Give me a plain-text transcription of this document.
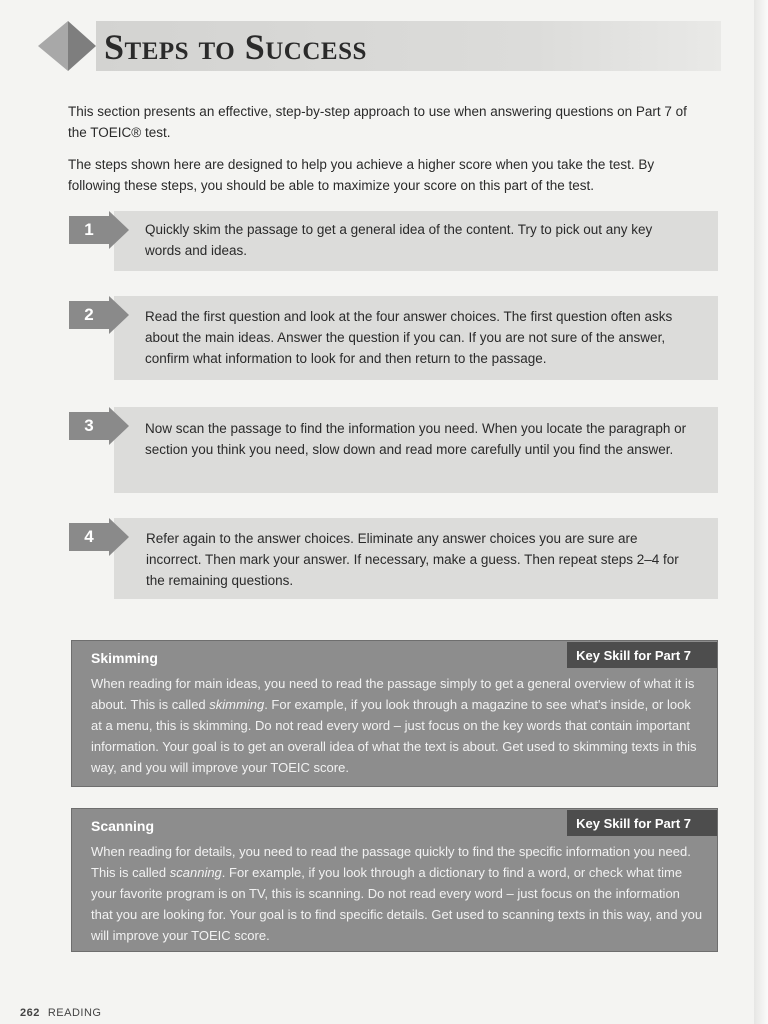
Steps to Success

This section presents an effective, step-by-step approach to use when answering questions on Part 7 of the TOEIC® test.

The steps shown here are designed to help you achieve a higher score when you take the test. By following these steps, you should be able to maximize your score on this part of the test.

Quickly skim the passage to get a general idea of the content. Try to pick out any key words and ideas.
1
Read the first question and look at the four answer choices. The first question often asks about the main ideas. Answer the question if you can. If you are not sure of the answer, confirm what information to look for and then return to the passage.
2
Now scan the passage to find the information you need. When you locate the paragraph or section you think you need, slow down and read more carefully until you find the answer.
3
Refer again to the answer choices. Eliminate any answer choices you are sure are incorrect. Then mark your answer. If necessary, make a guess. Then repeat steps 2–4 for the remaining questions.
4
Skimming	Key Skill for Part 7

When reading for main ideas, you need to read the passage simply to get a general overview of what it is about. This is called skimming. For example, if you look through a magazine to see what's inside, or look at a menu, this is skimming. Do not read every word – just focus on the key words that contain important information. Your goal is to get an overall idea of what the text is about. Get used to skimming texts in this way, and you will improve your TOEIC score.

Scanning	Key Skill for Part 7

When reading for details, you need to read the passage quickly to find the specific information you need. This is called scanning. For example, if you look through a dictionary to find a word, or check what time your favorite program is on TV, this is scanning. Do not read every word – just focus on the information that you are looking for. Your goal is to find specific details. Get used to scanning texts in this way, and you will improve your TOEIC score.

262 READING
